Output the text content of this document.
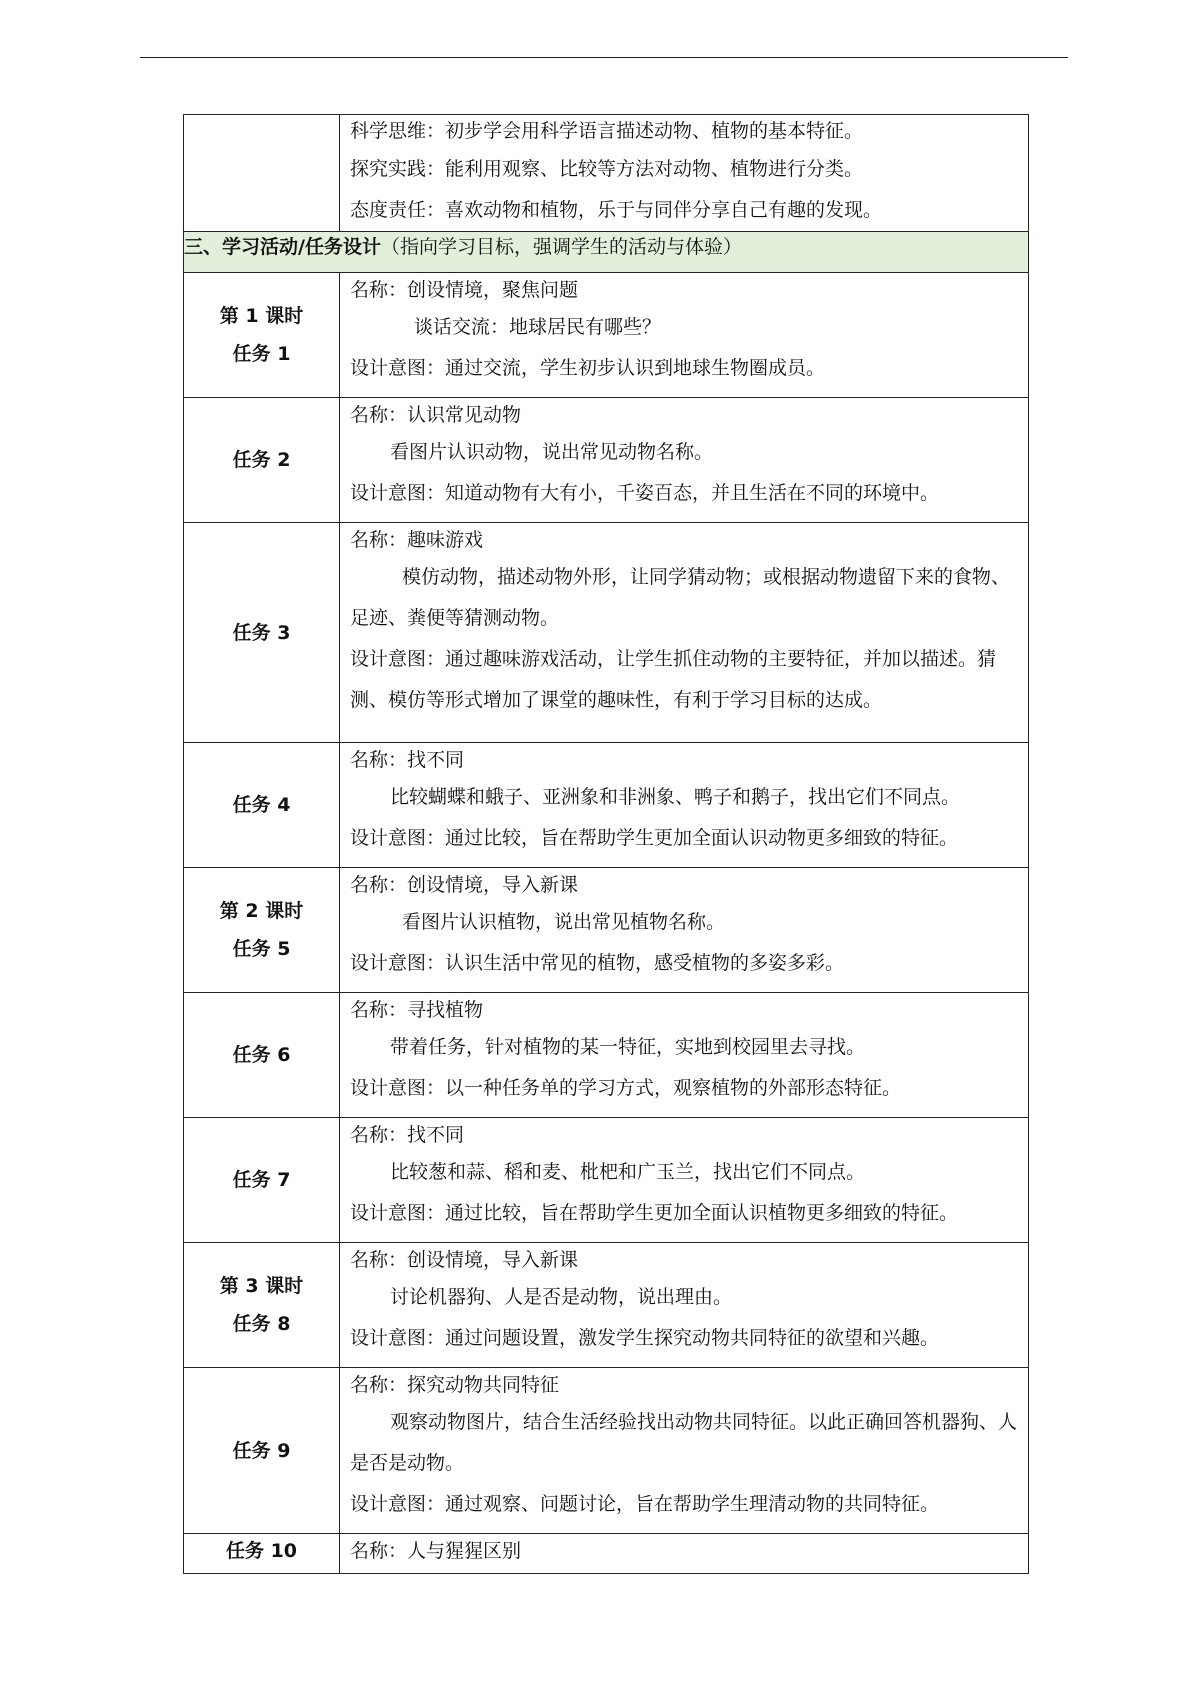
	科学思维：初步学会用科学语言描述动物、植物的基本特征。
探究实践：能利用观察、比较等方法对动物、植物进行分类。
态度责任：喜欢动物和植物，乐于与同伴分享自己有趣的发现。

三、学习活动/任务设计（指向学习目标，强调学生的活动与体验）	

第 1 课时
任务 1	名称：创设情境，聚焦问题
谈话交流：地球居民有哪些？
设计意图：通过交流，学生初步认识到地球生物圈成员。

任务 2	名称：认识常见动物
看图片认识动物，说出常见动物名称。
设计意图：知道动物有大有小，千姿百态，并且生活在不同的环境中。

任务 3	名称：趣味游戏
模仿动物，描述动物外形，让同学猜动物；或根据动物遗留下来的食物、足迹、粪便等猜测动物。
设计意图：通过趣味游戏活动，让学生抓住动物的主要特征，并加以描述。猜测、模仿等形式增加了课堂的趣味性，有利于学习目标的达成。

任务 4	名称：找不同
比较蝴蝶和蛾子、亚洲象和非洲象、鸭子和鹅子，找出它们不同点。
设计意图：通过比较，旨在帮助学生更加全面认识动物更多细致的特征。

第 2 课时
任务 5	名称：创设情境，导入新课
看图片认识植物，说出常见植物名称。
设计意图：认识生活中常见的植物，感受植物的多姿多彩。

任务 6	名称：寻找植物
带着任务，针对植物的某一特征，实地到校园里去寻找。
设计意图：以一种任务单的学习方式，观察植物的外部形态特征。

任务 7	名称：找不同
比较葱和蒜、稻和麦、枇杷和广玉兰，找出它们不同点。
设计意图：通过比较，旨在帮助学生更加全面认识植物更多细致的特征。

第 3 课时
任务 8	名称：创设情境，导入新课
讨论机器狗、人是否是动物，说出理由。
设计意图：通过问题设置，激发学生探究动物共同特征的欲望和兴趣。

任务 9	名称：探究动物共同特征
观察动物图片，结合生活经验找出动物共同特征。以此正确回答机器狗、人是否是动物。
设计意图：通过观察、问题讨论，旨在帮助学生理清动物的共同特征。

任务 10	名称：人与猩猩区别
